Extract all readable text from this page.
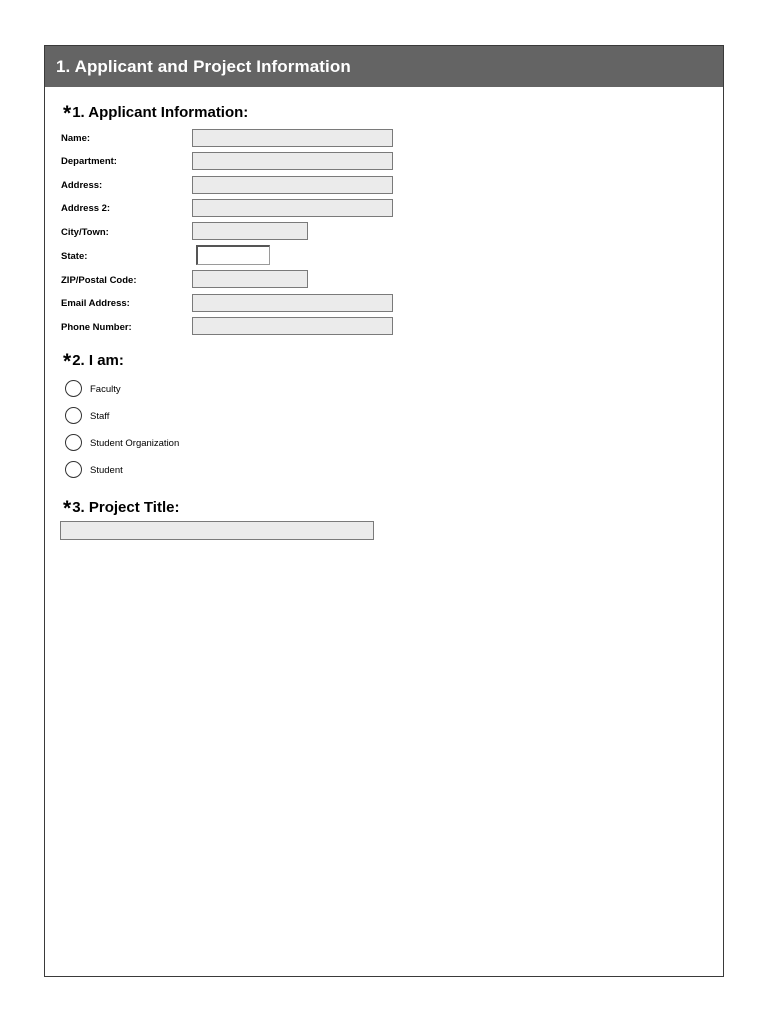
1. Applicant and Project Information
*1. Applicant Information:
Name:
Department:
Address:
Address 2:
City/Town:
State:
ZIP/Postal Code:
Email Address:
Phone Number:
*2. I am:
Faculty
Staff
Student Organization
Student
*3. Project Title:
